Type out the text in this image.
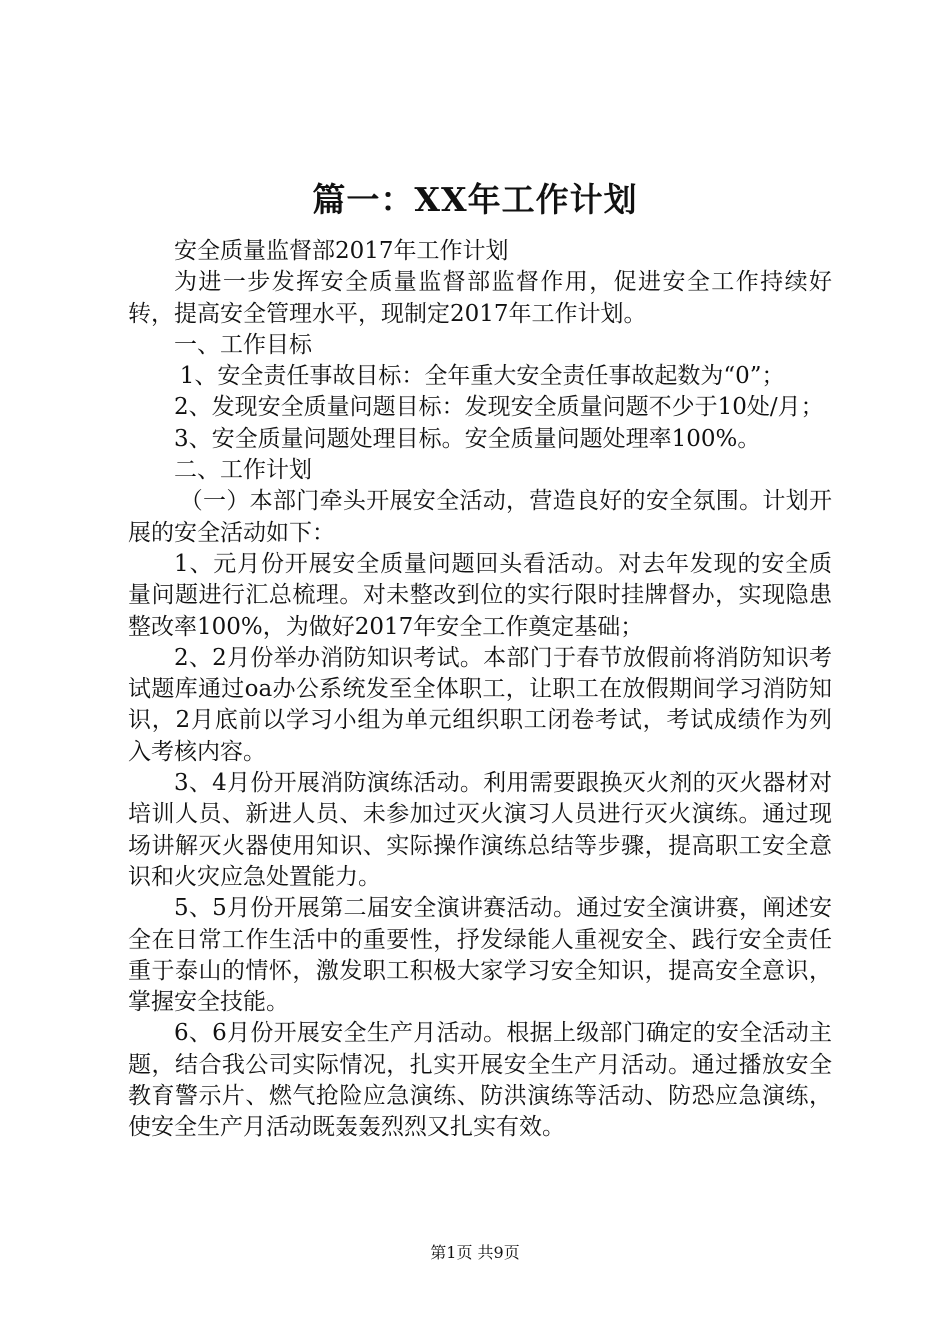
篇一：XX年工作计划

安全质量监督部2017年工作计划

为进一步发挥安全质量监督部监督作用，促进安全工作持续好转，提高安全管理水平，现制定2017年工作计划。

一、工作目标

1、安全责任事故目标：全年重大安全责任事故起数为“0”；

2、发现安全质量问题目标：发现安全质量问题不少于10处/月；

3、安全质量问题处理目标。安全质量问题处理率100%。

二、工作计划

（一）本部门牵头开展安全活动，营造良好的安全氛围。计划开展的安全活动如下：

1、元月份开展安全质量问题回头看活动。对去年发现的安全质量问题进行汇总梳理。对未整改到位的实行限时挂牌督办，实现隐患整改率100%，为做好2017年安全工作奠定基础；

2、2月份举办消防知识考试。本部门于春节放假前将消防知识考试题库通过oa办公系统发至全体职工，让职工在放假期间学习消防知识，2月底前以学习小组为单元组织职工闭卷考试，考试成绩作为列入考核内容。

3、4月份开展消防演练活动。利用需要跟换灭火剂的灭火器材对培训人员、新进人员、未参加过灭火演习人员进行灭火演练。通过现场讲解灭火器使用知识、实际操作演练总结等步骤，提高职工安全意识和火灾应急处置能力。

5、5月份开展第二届安全演讲赛活动。通过安全演讲赛，阐述安全在日常工作生活中的重要性，抒发绿能人重视安全、践行安全责任重于泰山的情怀，激发职工积极大家学习安全知识，提高安全意识，掌握安全技能。

6、6月份开展安全生产月活动。根据上级部门确定的安全活动主题，结合我公司实际情况，扎实开展安全生产月活动。通过播放安全教育警示片、燃气抢险应急演练、防洪演练等活动、防恐应急演练，使安全生产月活动既轰轰烈烈又扎实有效。

第1页 共9页
